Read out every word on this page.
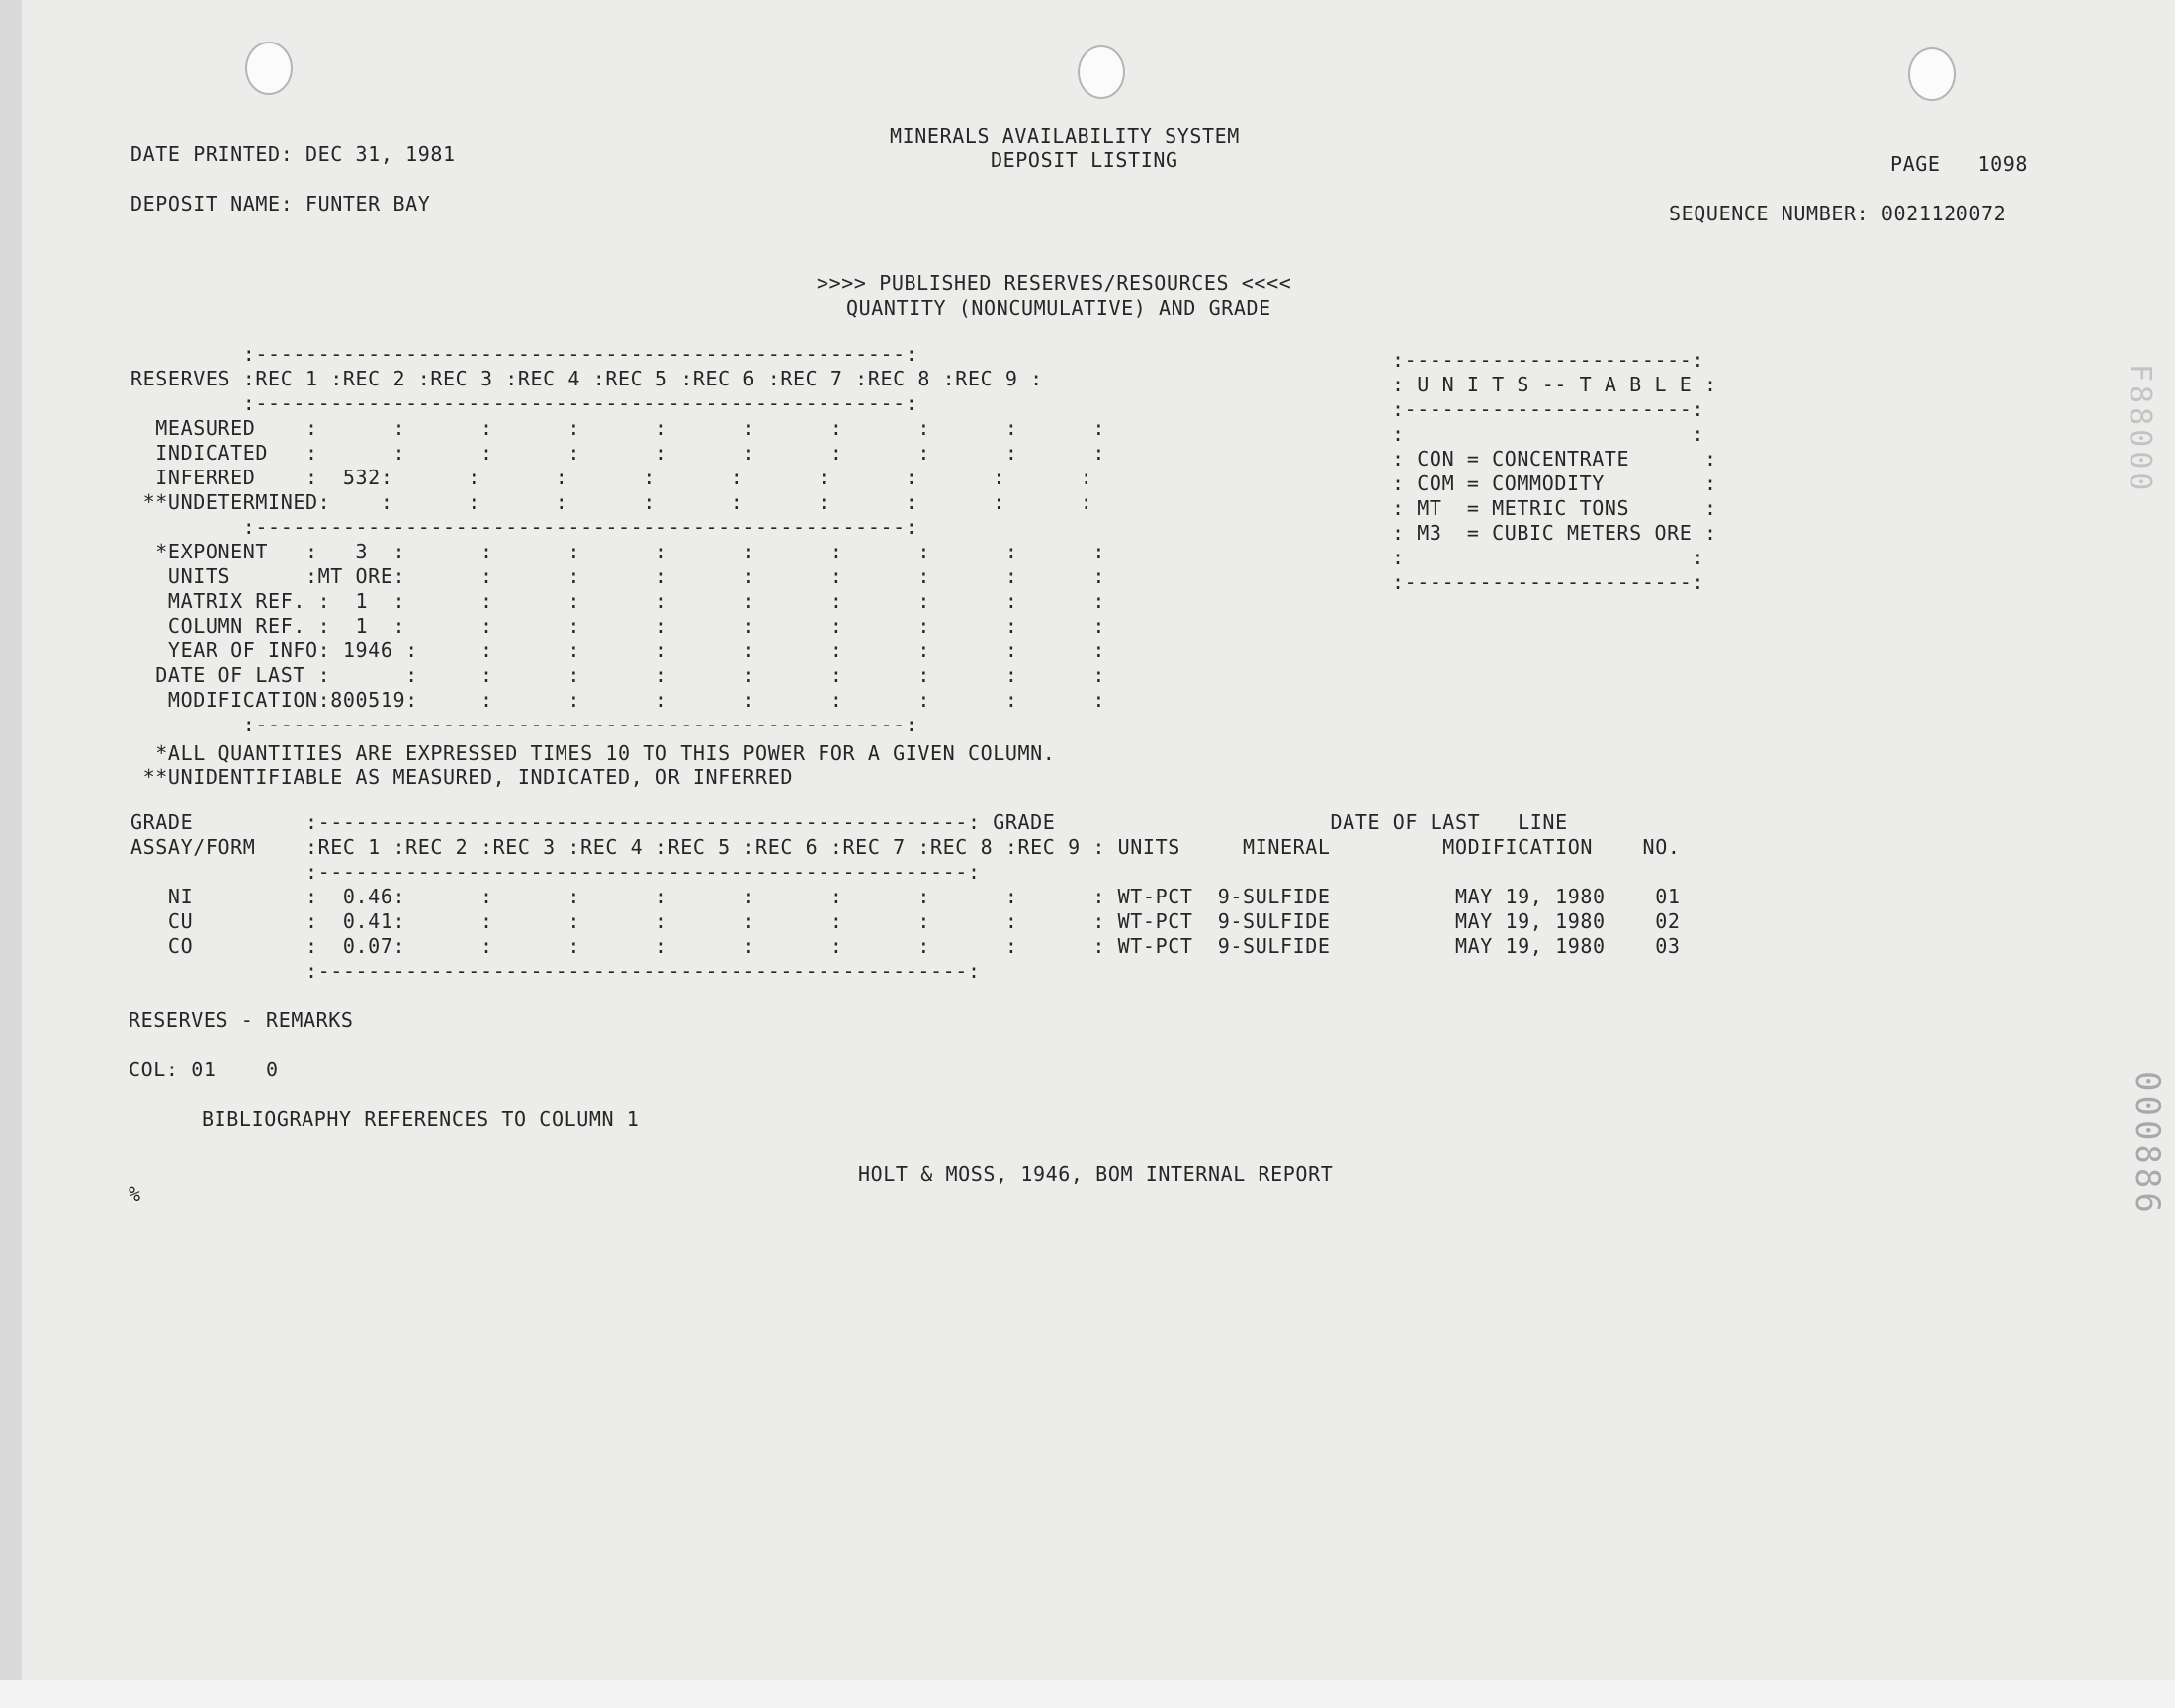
DATE PRINTED: DEC 31, 1981
DEPOSIT NAME: FUNTER BAY
MINERALS AVAILABILITY SYSTEM
DEPOSIT LISTING	PAGE   1098
SEQUENCE NUMBER: 0021120072
>>>> PUBLISHED RESERVES/RESOURCES <<<<
QUANTITY (NONCUMULATIVE) AND GRADE
:----------------------------------------------------:
RESERVES :REC 1 :REC 2 :REC 3 :REC 4 :REC 5 :REC 6 :REC 7 :REC 8 :REC 9 :
:----------------------------------------------------:
MEASURED    :      :      :      :      :      :      :      :      :      :
INDICATED   :      :      :      :      :      :      :      :      :      :
INFERRED    :  532:      :      :      :      :      :      :      :      :
**UNDETERMINED:    :      :      :      :      :      :      :      :      :
:----------------------------------------------------:
*EXPONENT   :   3  :      :      :      :      :      :      :      :      :
UNITS      :MT ORE:      :      :      :      :      :      :      :      :
MATRIX REF. :  1  :      :      :      :      :      :      :      :      :
COLUMN REF. :  1  :      :      :      :      :      :      :      :      :
YEAR OF INFO: 1946 :     :      :      :      :      :      :      :      :
DATE OF LAST :      :     :      :      :      :      :      :      :      :
MODIFICATION:800519:     :      :      :      :      :      :      :      :
:----------------------------------------------------:
:-----------------------:
: U N I T S -- T A B L E :
:-----------------------:
:                       :
: CON = CONCENTRATE      :
: COM = COMMODITY        :
: MT  = METRIC TONS      :
: M3  = CUBIC METERS ORE :
:                       :
:-----------------------:
*ALL QUANTITIES ARE EXPRESSED TIMES 10 TO THIS POWER FOR A GIVEN COLUMN.
**UNIDENTIFIABLE AS MEASURED, INDICATED, OR INFERRED
GRADE         :----------------------------------------------------: GRADE                      DATE OF LAST   LINE
ASSAY/FORM    :REC 1 :REC 2 :REC 3 :REC 4 :REC 5 :REC 6 :REC 7 :REC 8 :REC 9 : UNITS     MINERAL         MODIFICATION    NO.
:----------------------------------------------------:
NI         :  0.46:      :      :      :      :      :      :      :      : WT-PCT  9-SULFIDE          MAY 19, 1980    01
CU         :  0.41:      :      :      :      :      :      :      :      : WT-PCT  9-SULFIDE          MAY 19, 1980    02
CO         :  0.07:      :      :      :      :      :      :      :      : WT-PCT  9-SULFIDE          MAY 19, 1980    03
:----------------------------------------------------:
RESERVES - REMARKS
COL: 01    0
BIBLIOGRAPHY REFERENCES TO COLUMN 1
HOLT & MOSS, 1946, BOM INTERNAL REPORT
%	000886
F88000
